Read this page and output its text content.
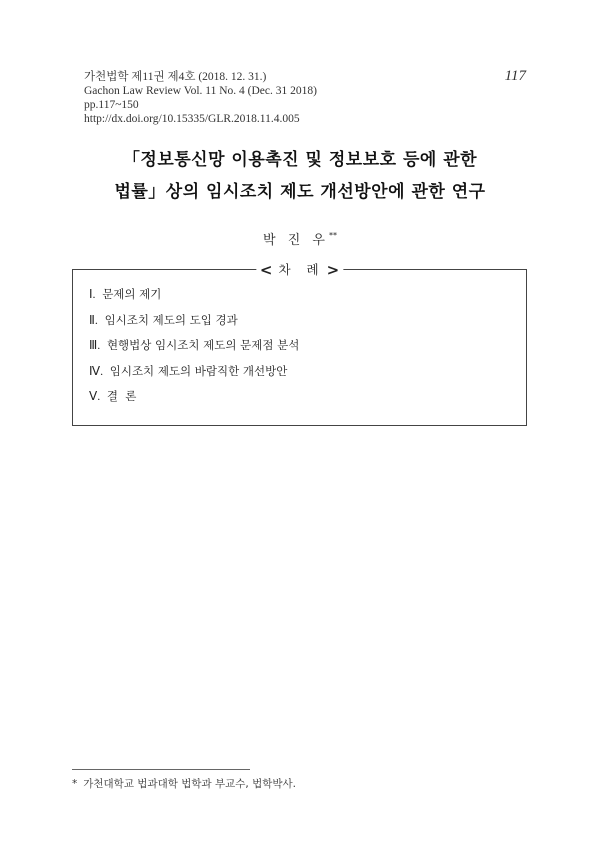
가천법학 제11권 제4호 (2018. 12. 31.)
Gachon Law Review Vol. 11 No. 4 (Dec. 31 2018)
pp.117~150
http://dx.doi.org/10.15335/GLR.2018.11.4.005
117
「정보통신망 이용촉진 및 정보보호 등에 관한
법률」상의 임시조치 제도 개선방안에 관한 연구
박 진 우**
< 차 례 >
Ⅰ. 문제의 제기
Ⅱ. 임시조치 제도의 도입 경과
Ⅲ. 현행법상 임시조치 제도의 문제점 분석
Ⅳ. 임시조치 제도의 바람직한 개선방안
Ⅴ. 결  론
* 가천대학교 법과대학 법학과 부교수, 법학박사.
